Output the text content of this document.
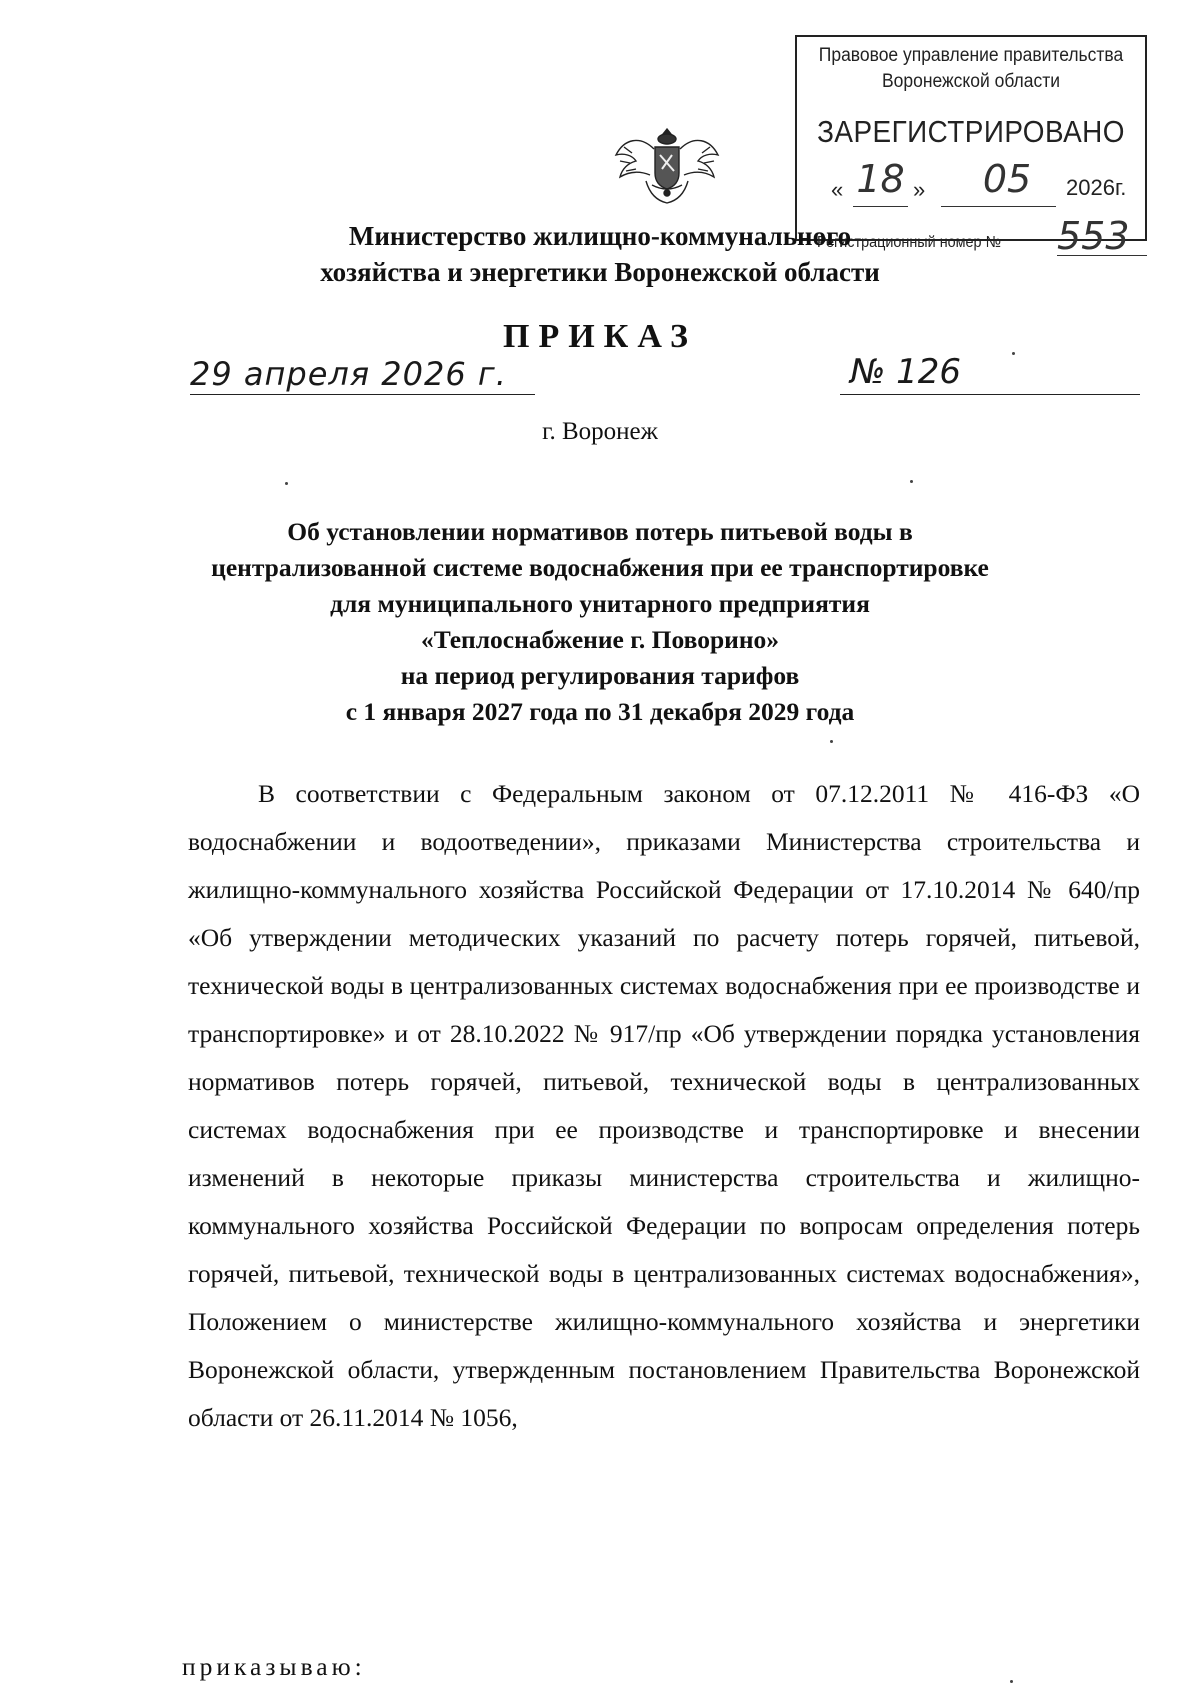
Правовое управление правительства
Воронежской области
ЗАРЕГИСТРИРОВАНО
« 18 »	05	2026г.
Регистрационный номер № 553
Министерство жилищно-коммунального
хозяйства и энергетики Воронежской области
ПРИКАЗ
29 апреля 2026 г.	№ 126
г. Воронеж
Об установлении нормативов потерь питьевой воды в
централизованной системе водоснабжения при ее транспортировке
для муниципального унитарного предприятия
«Теплоснабжение г. Поворино»
на период регулирования тарифов
с 1 января 2027 года по 31 декабря 2029 года
В соответствии с Федеральным законом от 07.12.2011 № 416-ФЗ «О водоснабжении и водоотведении», приказами Министерства строительства и жилищно-коммунального хозяйства Российской Федерации от 17.10.2014 № 640/пр «Об утверждении методических указаний по расчету потерь горячей, питьевой, технической воды в централизованных системах водоснабжения при ее производстве и транспортировке» и от 28.10.2022 № 917/пр «Об утверждении порядка установления нормативов потерь горячей, питьевой, технической воды в централизованных системах водоснабжения при ее производстве и транспортировке и внесении изменений в некоторые приказы министерства строительства и жилищно-коммунального хозяйства Российской Федерации по вопросам определения потерь горячей, питьевой, технической воды в централизованных системах водоснабжения», Положением о министерстве жилищно-коммунального хозяйства и энергетики Воронежской области, утвержденным постановлением Правительства Воронежской области от 26.11.2014 № 1056,
приказываю:
